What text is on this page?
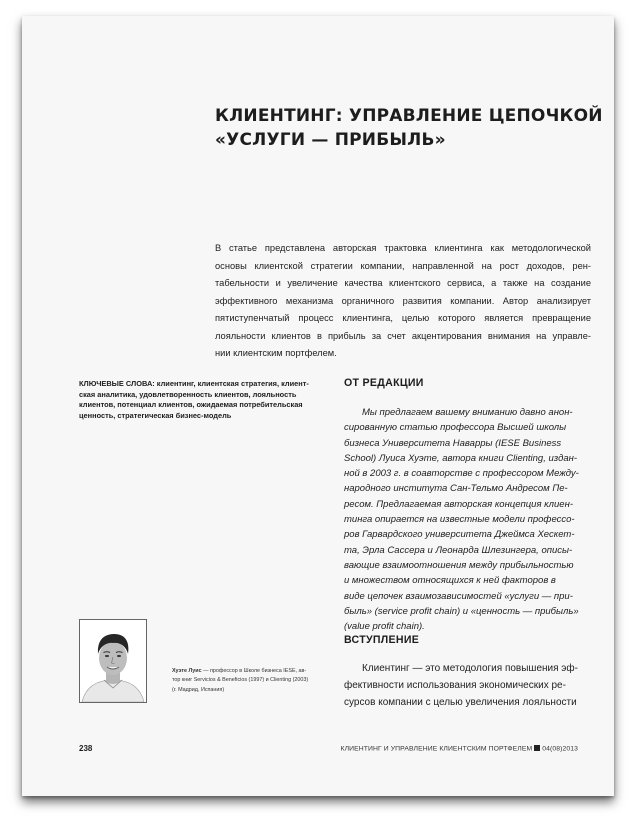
КЛИЕНТИНГ: УПРАВЛЕНИЕ ЦЕПОЧКОЙ
«УСЛУГИ — ПРИБЫЛЬ»
В статье представлена авторская трактовка клиентинга как методологической
основы клиентской стратегии компании, направленной на рост доходов, рен-
табельности и увеличение качества клиентского сервиса, а также на создание
эффективного механизма органичного развития компании. Автор анализирует
пятиступенчатый процесс клиентинга, целью которого является превращение
лояльности клиентов в прибыль за счет акцентирования внимания на управле-
нии клиентским портфелем.
КЛЮЧЕВЫЕ СЛОВА: клиентинг, клиентская стратегия, клиент-
ская аналитика, удовлетворенность клиентов, лояльность
клиентов, потенциал клиентов, ожидаемая потребительская
ценность, стратегическая бизнес-модель
ОТ РЕДАКЦИИ
Мы предлагаем вашему вниманию давно анон-
сированную статью профессора Высшей школы
бизнеса Университета Наварры (IESE Business
School) Луиса Хуэте, автора книги Clienting, издан-
ной в 2003 г. в соавторстве с профессором Между-
народного института Сан-Тельмо Андресом Пе-
ресом. Предлагаемая авторская концепция клиен-
тинга опирается на известные модели профессо-
ров Гарвардского университета Джеймса Хескет-
та, Эрла Сассера и Леонарда Шлезингера, описы-
вающие взаимоотношения между прибыльностью
и множеством относящихся к ней факторов в
виде цепочек взаимозависимостей «услуги — при-
быль» (service profit chain) и «ценность — прибыль»
(value profit chain).
ВСТУПЛЕНИЕ
Клиентинг — это методология повышения эф-
фективности использования экономических ре-
сурсов компании с целью увеличения лояльности
Хуэте Луис — профессор в Школе бизнеса IESE, ав-
тор книг Servicios & Beneficios (1997) и Clienting (2003)
(г. Мадрид, Испания)
238	КЛИЕНТИНГ И УПРАВЛЕНИЕ КЛИЕНТСКИМ ПОРТФЕЛЕМ 04(08)2013
